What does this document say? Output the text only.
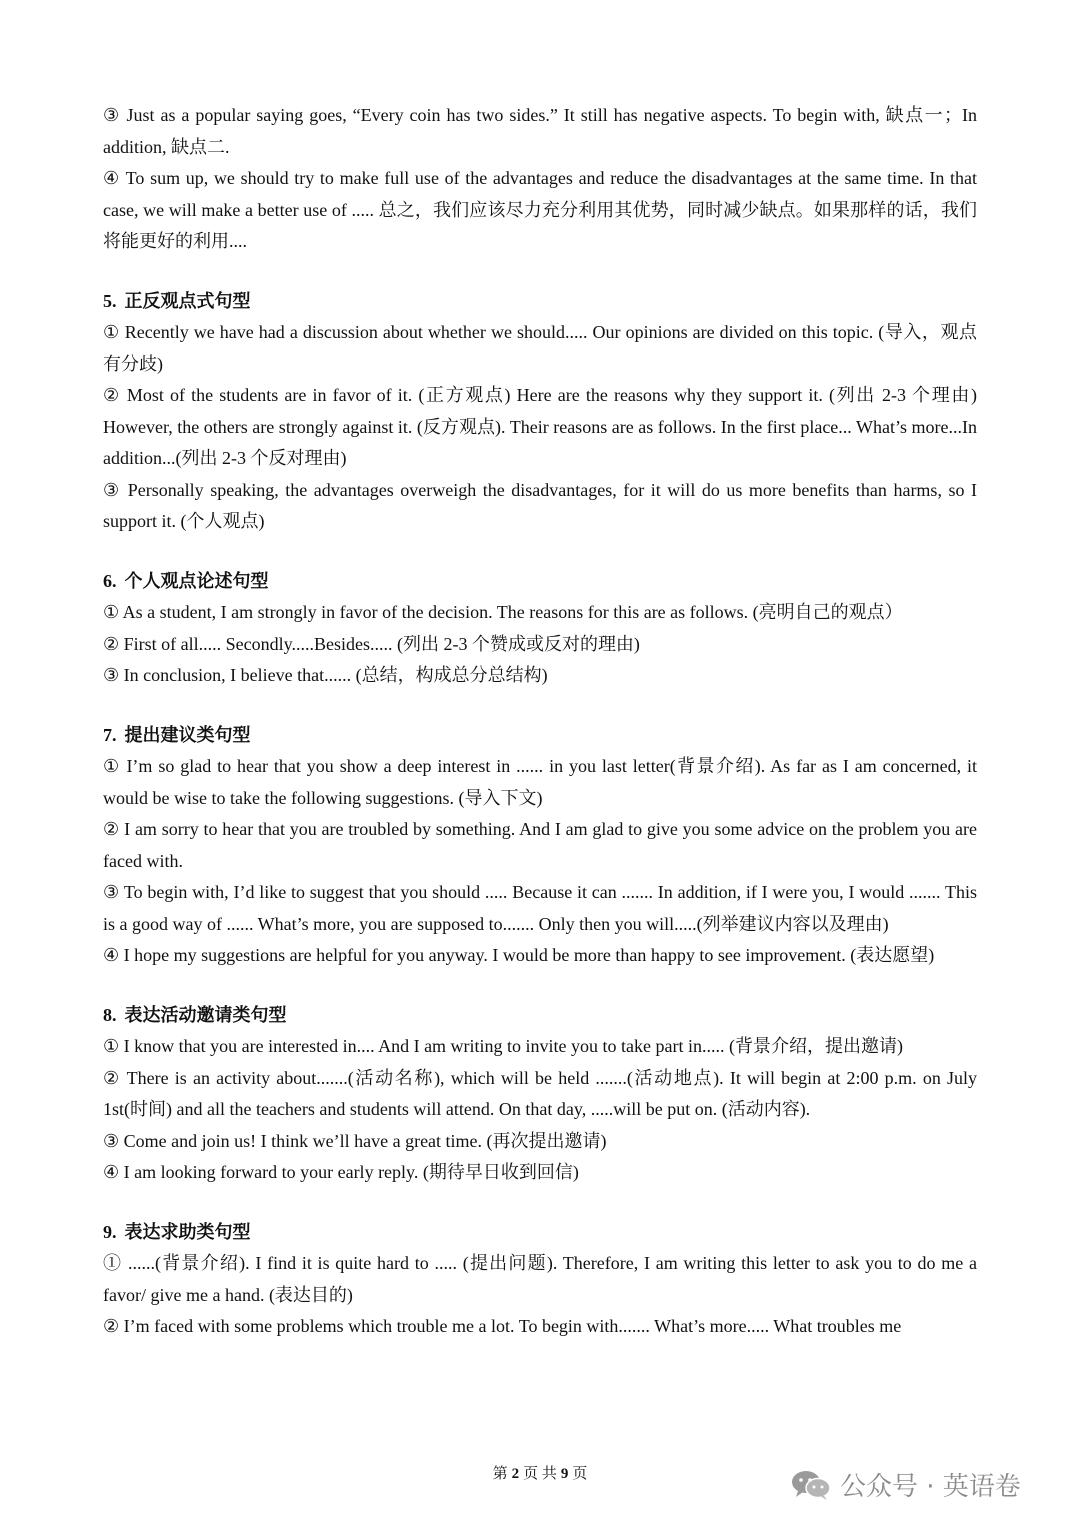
③ Just as a popular saying goes, “Every coin has two sides.” It still has negative aspects. To begin with, 缺点一；In addition, 缺点二.

④ To sum up, we should try to make full use of the advantages and reduce the disadvantages at the same time. In that case, we will make a better use of ..... 总之，我们应该尽力充分利用其优势，同时减少缺点。如果那样的话，我们将能更好的利用....

5. 正反观点式句型

① Recently we have had a discussion about whether we should..... Our opinions are divided on this topic. (导入，观点有分歧)

② Most of the students are in favor of it. (正方观点) Here are the reasons why they support it. (列出 2-3 个理由) However, the others are strongly against it. (反方观点). Their reasons are as follows. In the first place... What’s more...In addition...(列出 2-3 个反对理由)

③ Personally speaking, the advantages overweigh the disadvantages, for it will do us more benefits than harms, so I support it. (个人观点)

6. 个人观点论述句型

① As a student, I am strongly in favor of the decision. The reasons for this are as follows. (亮明自己的观点）

② First of all..... Secondly.....Besides..... (列出 2-3 个赞成或反对的理由)

③ In conclusion, I believe that...... (总结，构成总分总结构)

7. 提出建议类句型

① I’m so glad to hear that you show a deep interest in ...... in you last letter(背景介绍). As far as I am concerned, it would be wise to take the following suggestions. (导入下文)

② I am sorry to hear that you are troubled by something. And I am glad to give you some advice on the problem you are faced with.

③ To begin with, I’d like to suggest that you should ..... Because it can ....... In addition, if I were you, I would ....... This is a good way of ...... What’s more, you are supposed to....... Only then you will.....(列举建议内容以及理由)

④ I hope my suggestions are helpful for you anyway. I would be more than happy to see improvement. (表达愿望)

8. 表达活动邀请类句型

① I know that you are interested in.... And I am writing to invite you to take part in..... (背景介绍，提出邀请)

② There is an activity about.......(活动名称), which will be held .......(活动地点). It will begin at 2:00 p.m. on July 1st(时间) and all the teachers and students will attend. On that day, .....will be put on. (活动内容).

③ Come and join us! I think we’ll have a great time. (再次提出邀请)

④ I am looking forward to your early reply. (期待早日收到回信)

9. 表达求助类句型

① ......(背景介绍). I find it is quite hard to ..... (提出问题). Therefore, I am writing this letter to ask you to do me a favor/ give me a hand. (表达目的)

② I’m faced with some problems which trouble me a lot. To begin with....... What’s more..... What troubles me

第 2 页 共 9 页	公众号 · 英语卷
